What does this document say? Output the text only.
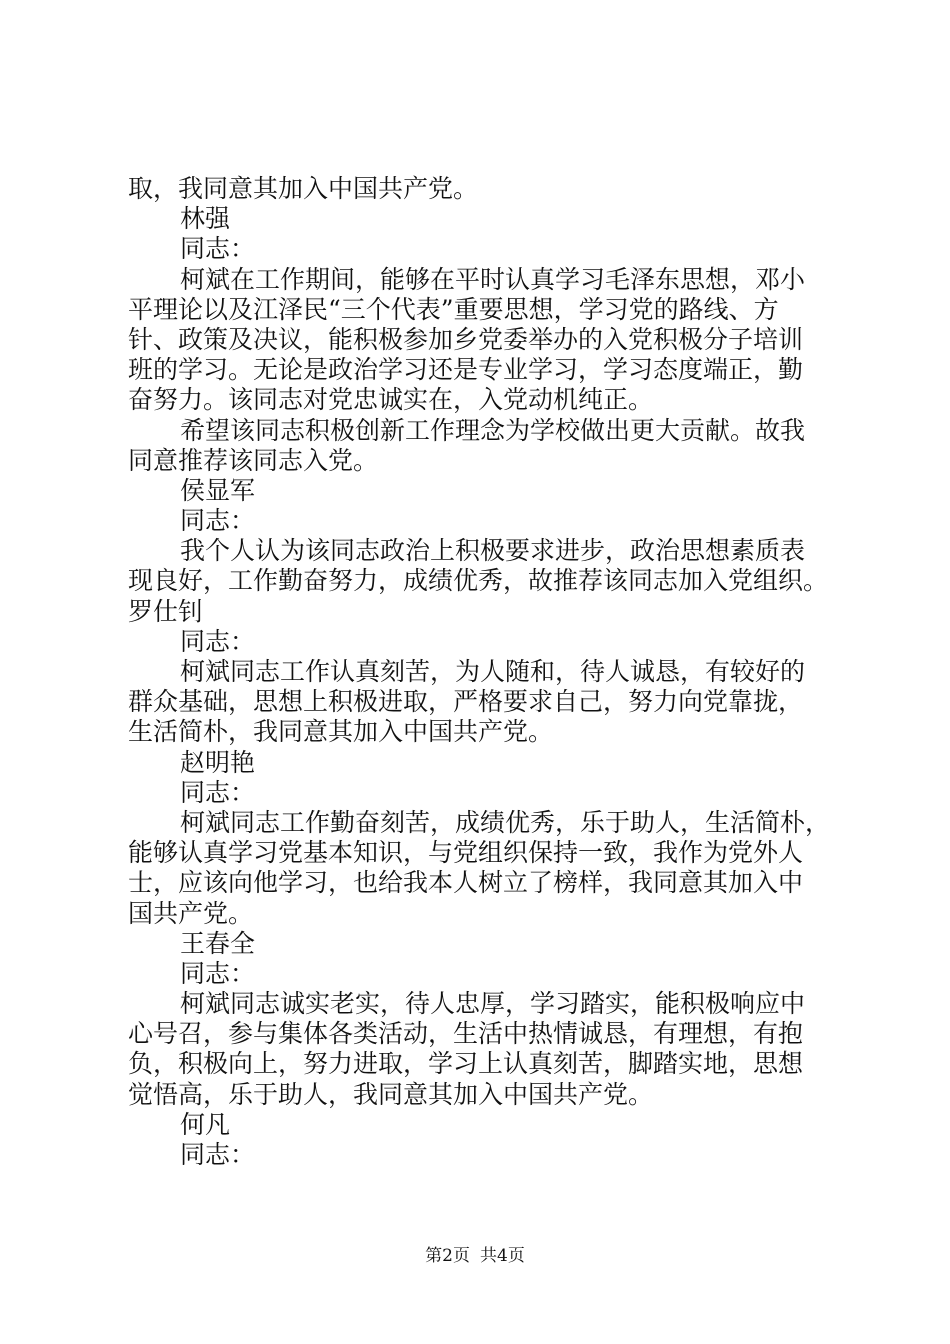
取，我同意其加入中国共产党。
林强
同志：
柯斌在工作期间，能够在平时认真学习毛泽东思想，邓小
平理论以及江泽民“三个代表”重要思想，学习党的路线、方
针、政策及决议，能积极参加乡党委举办的入党积极分子培训
班的学习。无论是政治学习还是专业学习，学习态度端正，勤
奋努力。该同志对党忠诚实在，入党动机纯正。
希望该同志积极创新工作理念为学校做出更大贡献。故我
同意推荐该同志入党。
侯显军
同志：
我个人认为该同志政治上积极要求进步，政治思想素质表
现良好，工作勤奋努力，成绩优秀，故推荐该同志加入党组织。
罗仕钊
同志：
柯斌同志工作认真刻苦，为人随和，待人诚恳，有较好的
群众基础，思想上积极进取，严格要求自己，努力向党靠拢，
生活简朴，我同意其加入中国共产党。
赵明艳
同志：
柯斌同志工作勤奋刻苦，成绩优秀，乐于助人，生活简朴，
能够认真学习党基本知识，与党组织保持一致，我作为党外人
士，应该向他学习，也给我本人树立了榜样，我同意其加入中
国共产党。
王春全
同志：
柯斌同志诚实老实，待人忠厚，学习踏实，能积极响应中
心号召，参与集体各类活动，生活中热情诚恳，有理想，有抱
负，积极向上，努力进取，学习上认真刻苦，脚踏实地，思想
觉悟高，乐于助人，我同意其加入中国共产党。
何凡
同志：
第2页 共4页
